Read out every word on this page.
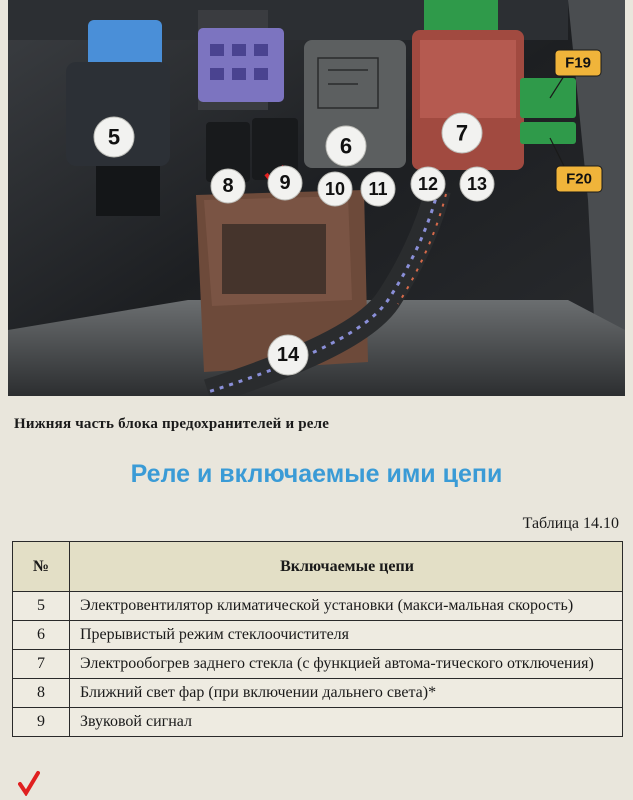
5	6
7
8 9 10 11 12 13
14
F19
F20
Нижняя часть блока предохранителей и реле
Реле и включаемые ими цепи
Таблица 14.10
№	Включаемые цепи
5	Электровентилятор климатической установки (макси-мальная скорость)
6	Прерывистый режим стеклоочистителя
7	Электрообогрев заднего стекла (с функцией автома-тического отключения)
8	Ближний свет фар (при включении дальнего света)*
9	Звуковой сигнал
